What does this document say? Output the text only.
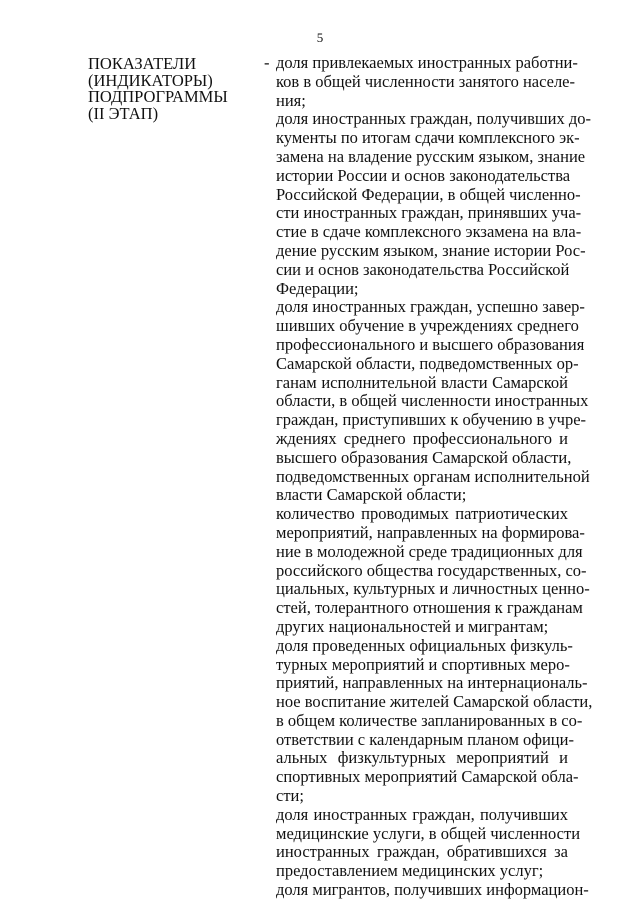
5
ПОКАЗАТЕЛИ
(ИНДИКАТОРЫ)
ПОДПРОГРАММЫ
(II ЭТАП)
- доля привлекаемых иностранных работни-
ков в общей численности занятого населе-
ния;
доля иностранных граждан, получивших до-
кументы по итогам сдачи комплексного эк-
замена на владение русским языком, знание
истории России и основ законодательства
Российской Федерации, в общей численно-
сти иностранных граждан, принявших уча-
стие в сдаче комплексного экзамена на вла-
дение русским языком, знание истории Рос-
сии и основ законодательства Российской
Федерации;
доля иностранных граждан, успешно завер-
шивших обучение в учреждениях среднего
профессионального и высшего образования
Самарской области, подведомственных ор-
ганам исполнительной власти Самарской
области, в общей численности иностранных
граждан, приступивших к обучению в учре-
ждениях среднего профессионального и
высшего образования Самарской области,
подведомственных органам исполнительной
власти Самарской области;
количество проводимых патриотических
мероприятий, направленных на формирова-
ние в молодежной среде традиционных для
российского общества государственных, со-
циальных, культурных и личностных ценно-
стей, толерантного отношения к гражданам
других национальностей и мигрантам;
доля проведенных официальных физкуль-
турных мероприятий и спортивных меро-
приятий, направленных на интернациональ-
ное воспитание жителей Самарской области,
в общем количестве запланированных в со-
ответствии с календарным планом офици-
альных физкультурных мероприятий и
спортивных мероприятий Самарской обла-
сти;
доля иностранных граждан, получивших
медицинские услуги, в общей численности
иностранных граждан, обратившихся за
предоставлением медицинских услуг;
доля мигрантов, получивших информацион-
